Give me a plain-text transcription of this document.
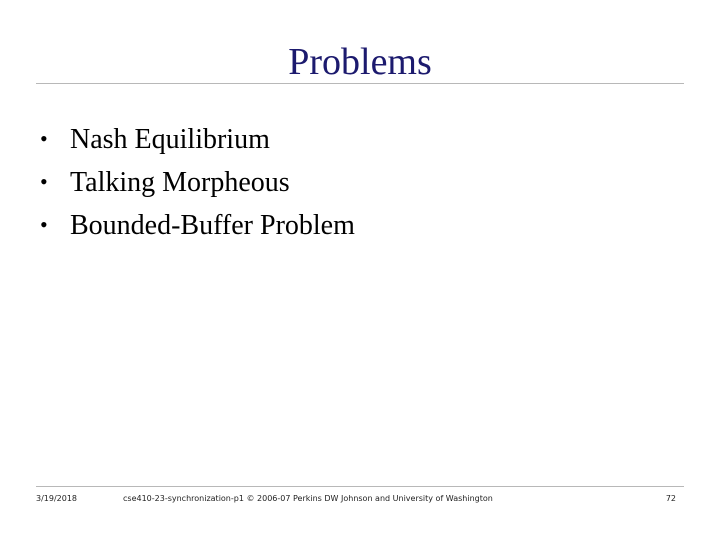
Problems
• Nash Equilibrium
• Talking Morpheous
• Bounded-Buffer Problem
3/19/2018	cse410-23-synchronization-p1 © 2006-07 Perkins DW Johnson and University of Washington	72
